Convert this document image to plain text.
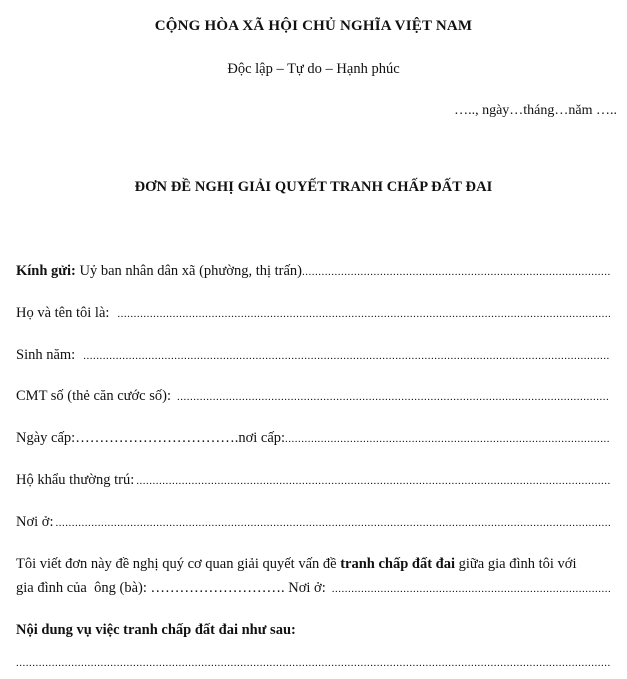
CỘNG HÒA XÃ HỘI CHỦ NGHĨA VIỆT NAM
Độc lập – Tự do – Hạnh phúc
….., ngày…tháng…năm …..
ĐƠN ĐỀ NGHỊ GIẢI QUYẾT TRANH CHẤP ĐẤT ĐAI
Kính gửi: Uỷ ban nhân dân xã (phường, thị trấn)
.....
Họ và tên tôi là:
.....
Sinh năm:
.....
CMT số (thẻ căn cước số):
.....
Ngày cấp: ……………………………. nơi cấp:
.....
Hộ khẩu thường trú:
.....
Nơi ở:
.....
Tôi viết đơn này đề nghị quý cơ quan giải quyết vấn đề tranh chấp đất đai giữa gia đình tôi với
gia đình của  ông (bà): ……………………… . Nơi ở:
.....
Nội dung vụ việc tranh chấp đất đai như sau:
.....
